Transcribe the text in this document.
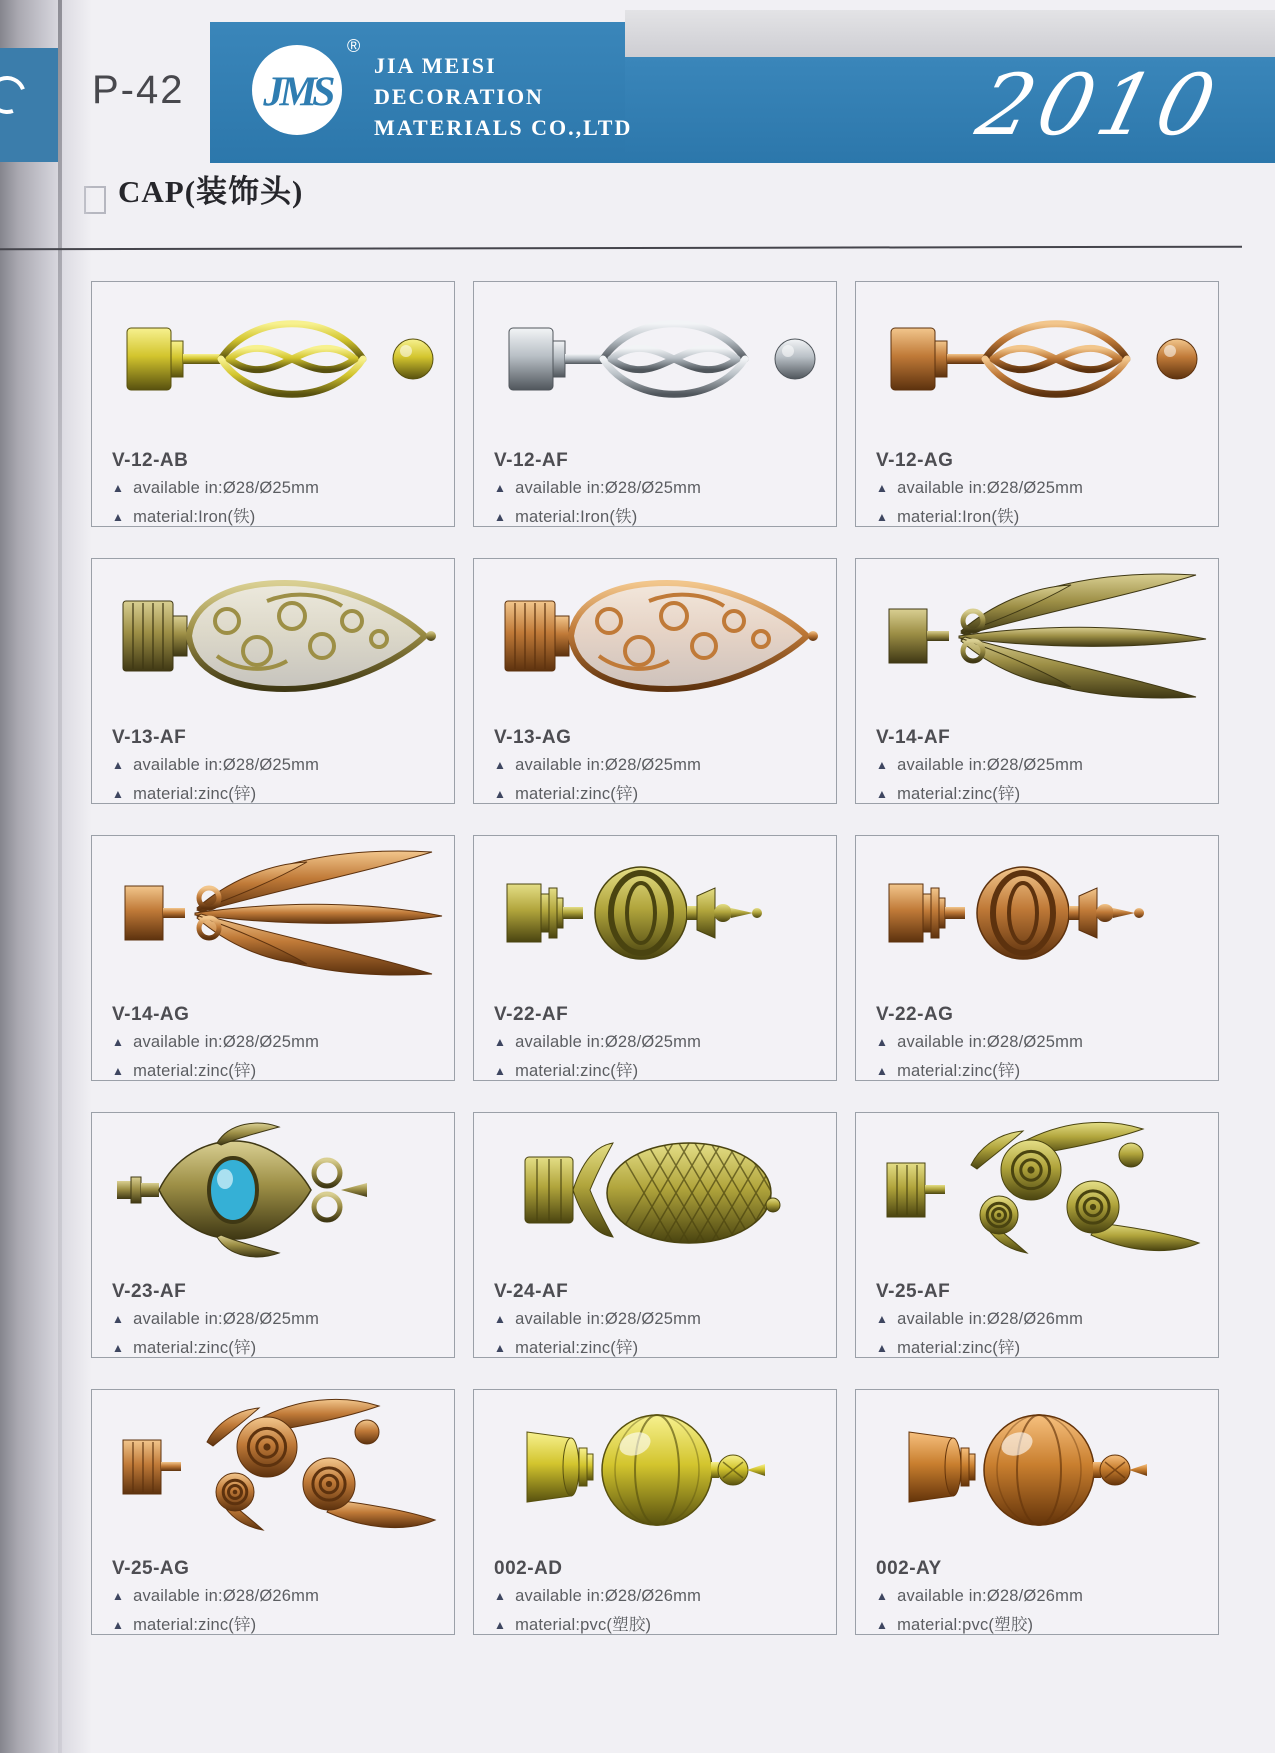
P-42 JMS
®
JIA MEISI
DECORATION
MATERIALS CO.,LTD	2010
CAP(装饰头)
V-12-AB
▲ available in:Ø28/Ø25mm
▲ material:Iron(铁)
V-12-AF
▲ available in:Ø28/Ø25mm
▲ material:Iron(铁)
V-12-AG
▲ available in:Ø28/Ø25mm
▲ material:Iron(铁)
V-13-AF
▲ available in:Ø28/Ø25mm
▲ material:zinc(锌)
V-13-AG
▲ available in:Ø28/Ø25mm
▲ material:zinc(锌)
V-14-AF
▲ available in:Ø28/Ø25mm
▲ material:zinc(锌)
V-14-AG
▲ available in:Ø28/Ø25mm
▲ material:zinc(锌)
V-22-AF
▲ available in:Ø28/Ø25mm
▲ material:zinc(锌)
V-22-AG
▲ available in:Ø28/Ø25mm
▲ material:zinc(锌)
V-23-AF
▲ available in:Ø28/Ø25mm
▲ material:zinc(锌)
V-24-AF
▲ available in:Ø28/Ø25mm
▲ material:zinc(锌)
V-25-AF
▲ available in:Ø28/Ø26mm
▲ material:zinc(锌)
V-25-AG
▲ available in:Ø28/Ø26mm
▲ material:zinc(锌)
002-AD
▲ available in:Ø28/Ø26mm
▲ material:pvc(塑胶)
002-AY
▲ available in:Ø28/Ø26mm
▲ material:pvc(塑胶)
